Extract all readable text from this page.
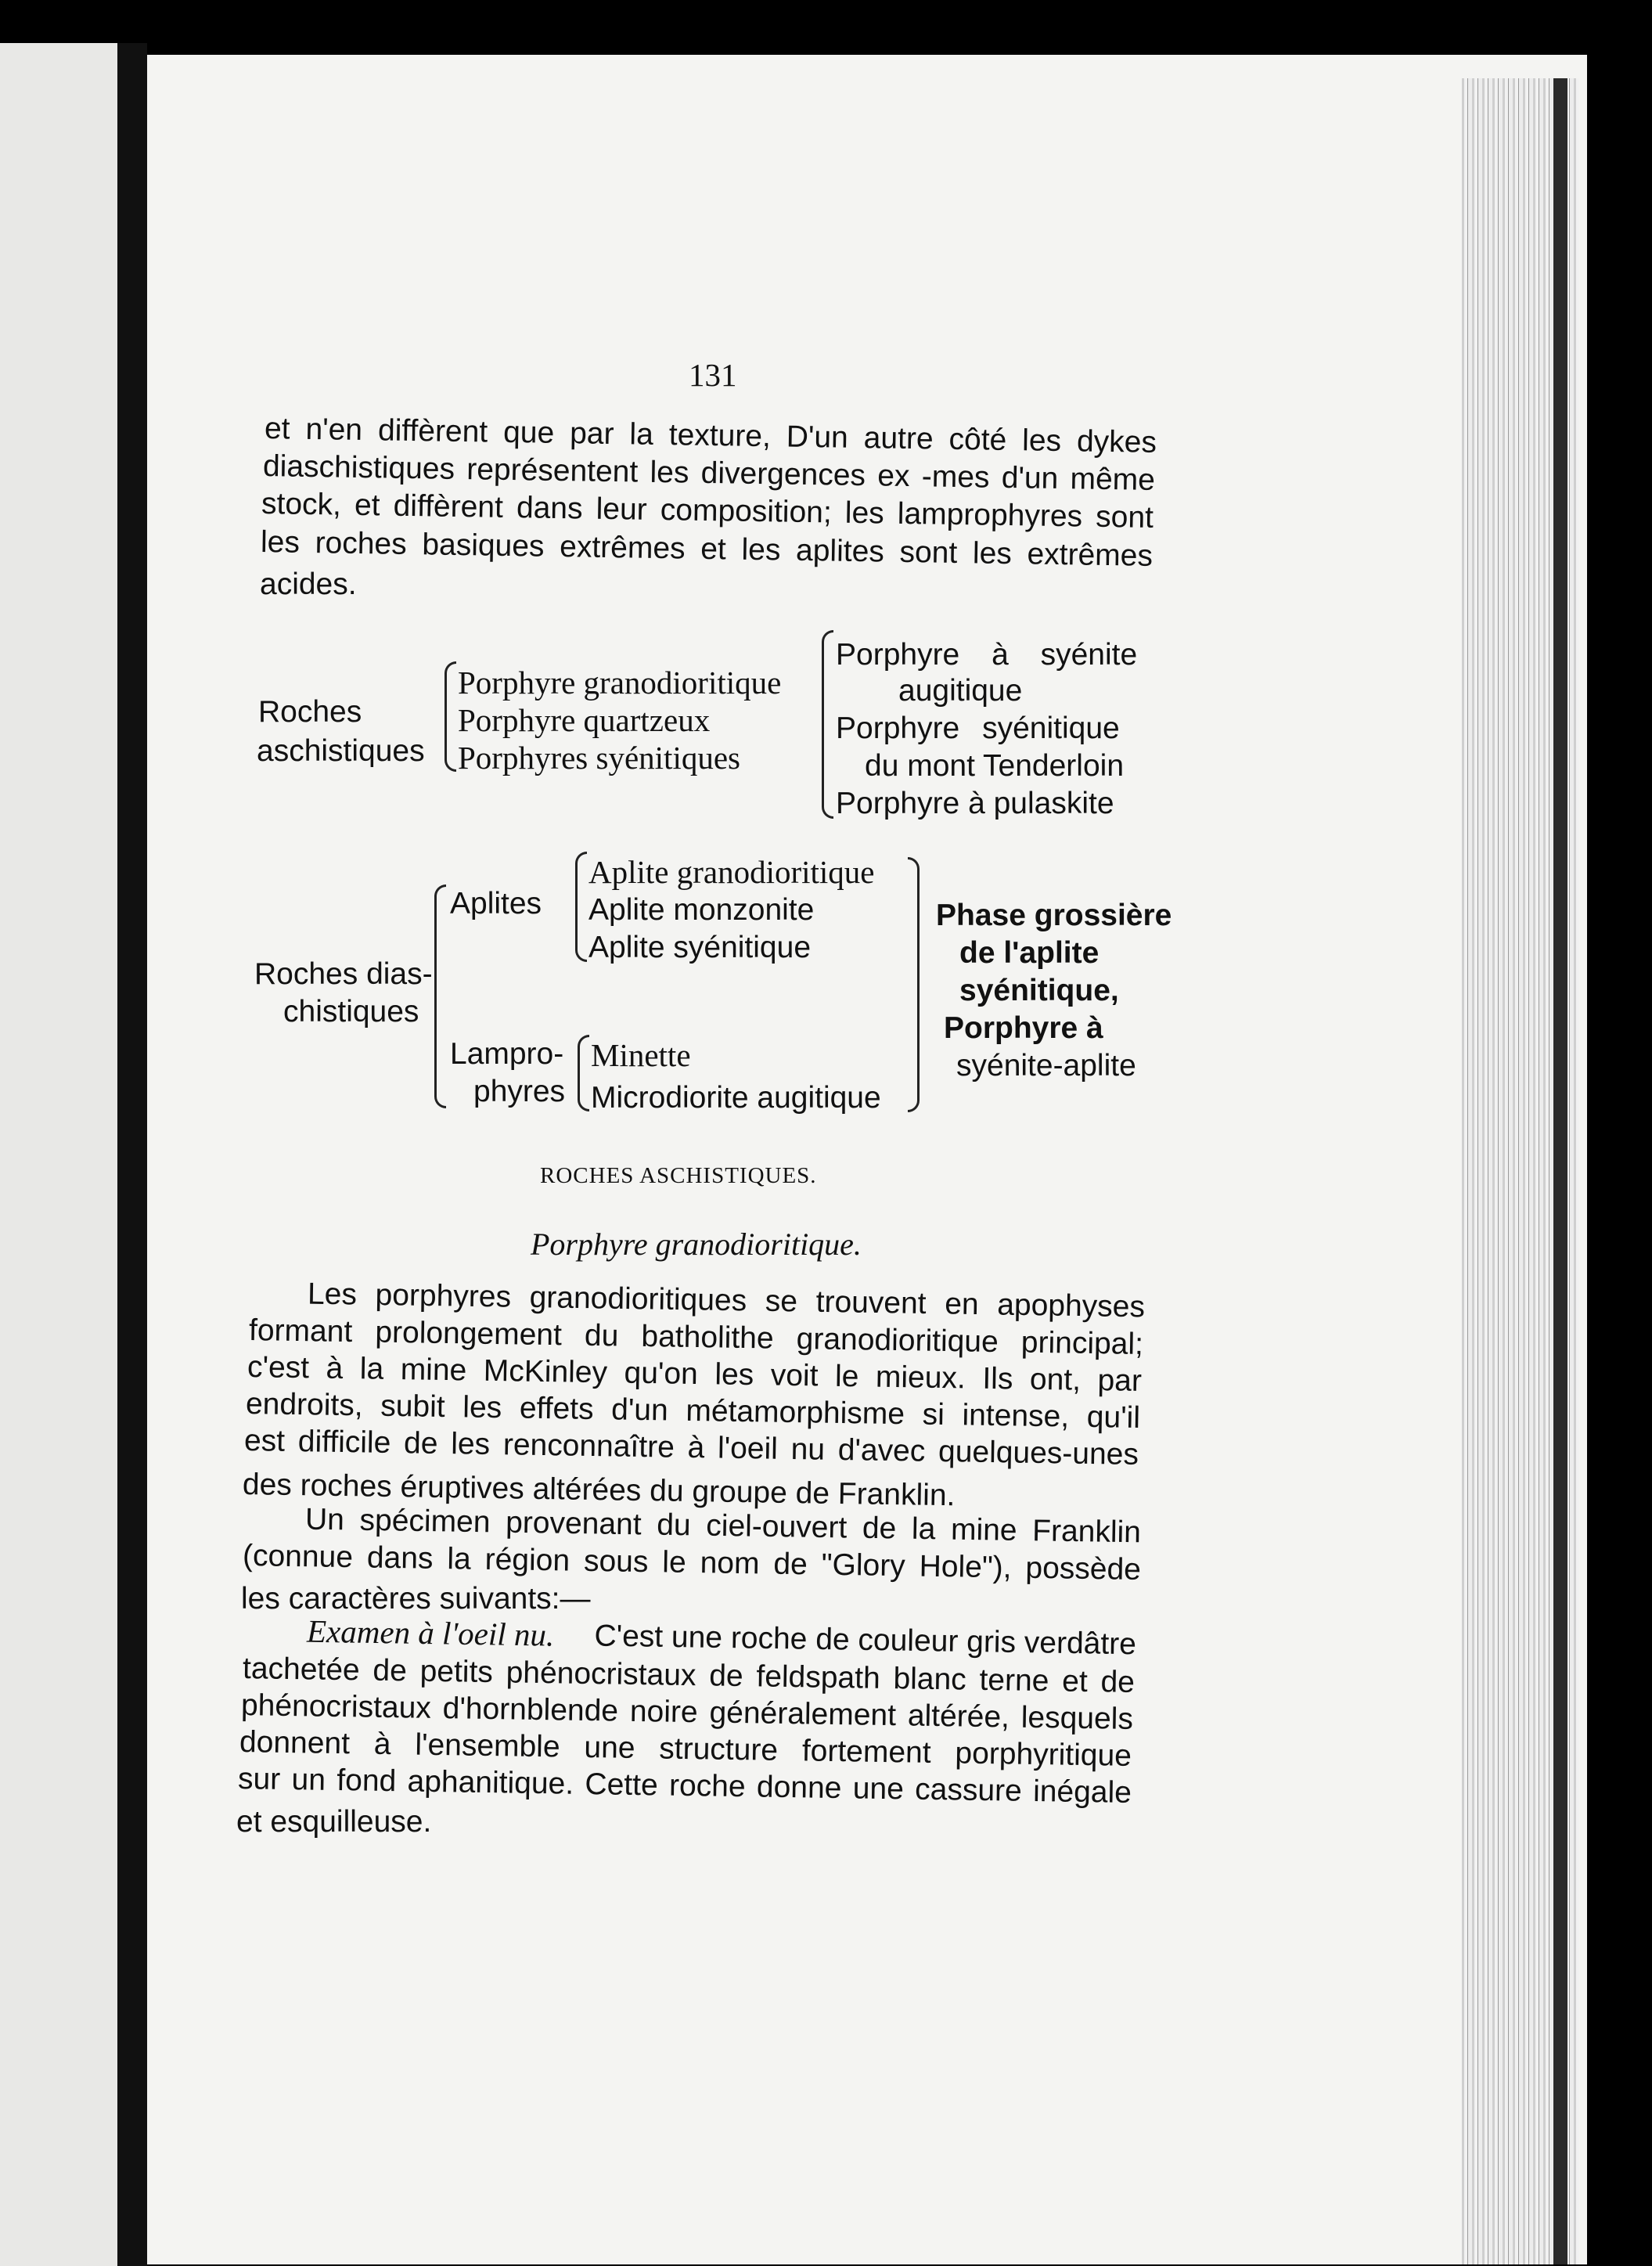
131
et n'en diffèrent que par la texture, D'un autre côté les dykes
diaschistiques représentent les divergences ex -mes d'un même
stock, et diffèrent dans leur composition; les lamprophyres sont
les roches basiques extrêmes et les aplites sont les extrêmes
acides.
Roches
aschistiques
Porphyre granodioritique
Porphyre quartzeux
Porphyres syénitiques
Porphyre à syénite
augitique
Porphyre syénitique
du mont Tenderloin
Porphyre à pulaskite
Roches dias-
chistiques
Aplites
Aplite granodioritique
Aplite monzonite
Aplite syénitique
Lampro-
phyres
Minette
Microdiorite augitique
Phase grossière
de l'aplite
syénitique,
Porphyre à
syénite-aplite
ROCHES ASCHISTIQUES.
Porphyre granodioritique.
Les porphyres granodioritiques se trouvent en apophyses
formant prolongement du batholithe granodioritique principal;
c'est à la mine McKinley qu'on les voit le mieux. Ils ont, par
endroits, subit les effets d'un métamorphisme si intense, qu'il
est difficile de les renconnaître à l'oeil nu d'avec quelques-unes
des roches éruptives altérées du groupe de Franklin.
Un spécimen provenant du ciel-ouvert de la mine Franklin
(connue dans la région sous le nom de "Glory Hole"), possède
les caractères suivants:—
Examen à l'oeil nu. C'est une roche de couleur gris verdâtre
tachetée de petits phénocristaux de feldspath blanc terne et de
phénocristaux d'hornblende noire généralement altérée, lesquels
donnent à l'ensemble une structure fortement porphyritique
sur un fond aphanitique. Cette roche donne une cassure inégale
et esquilleuse.
